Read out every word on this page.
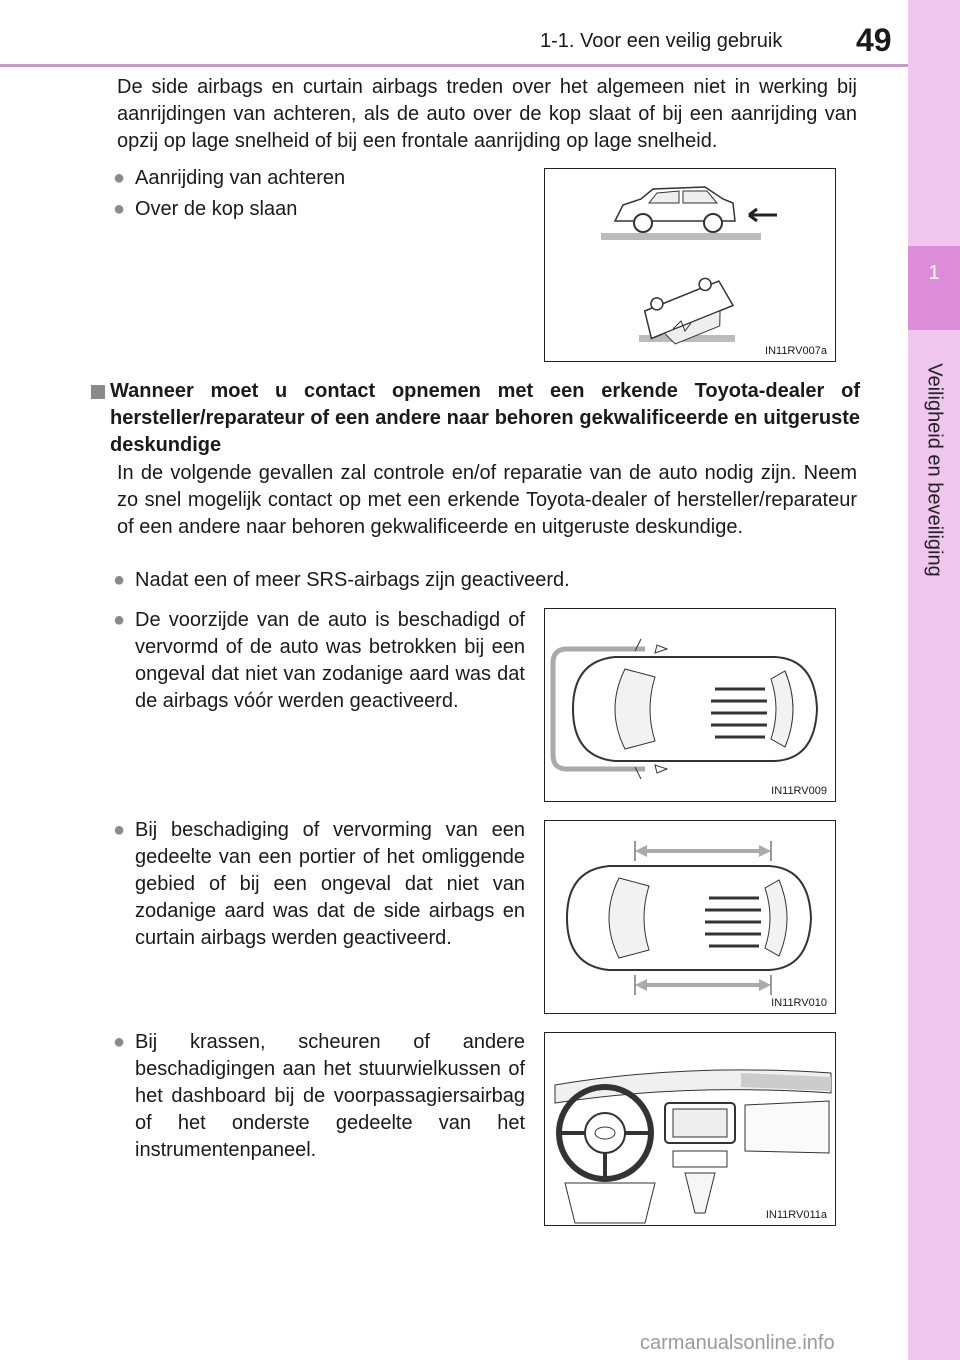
1-1. Voor een veilig gebruik 49
1
Veiligheid en beveiliging
De side airbags en curtain airbags treden over het algemeen niet in werking bij aanrijdingen van achteren, als de auto over de kop slaat of bij een aanrijding van opzij op lage snelheid of bij een frontale aanrijding op lage snelheid.
● Aanrijding van achteren
● Over de kop slaan
IN11RV007a
Wanneer moet u contact opnemen met een erkende Toyota-dealer of hersteller/reparateur of een andere naar behoren gekwalificeerde en uitgeruste deskundige
In de volgende gevallen zal controle en/of reparatie van de auto nodig zijn. Neem zo snel mogelijk contact op met een erkende Toyota-dealer of hersteller/reparateur of een andere naar behoren gekwalificeerde en uitgeruste deskundige.
● Nadat een of meer SRS-airbags zijn geactiveerd.
● De voorzijde van de auto is beschadigd of vervormd of de auto was betrokken bij een ongeval dat niet van zodanige aard was dat de airbags vóór werden geactiveerd.
IN11RV009
● Bij beschadiging of vervorming van een gedeelte van een portier of het omliggende gebied of bij een ongeval dat niet van zodanige aard was dat de side airbags en curtain airbags werden geactiveerd.
IN11RV010
● Bij krassen, scheuren of andere beschadigingen aan het stuurwielkussen of het dashboard bij de voorpassagiersairbag of het onderste gedeelte van het instrumentenpaneel.
IN11RV011a
carmanualsonline.info
